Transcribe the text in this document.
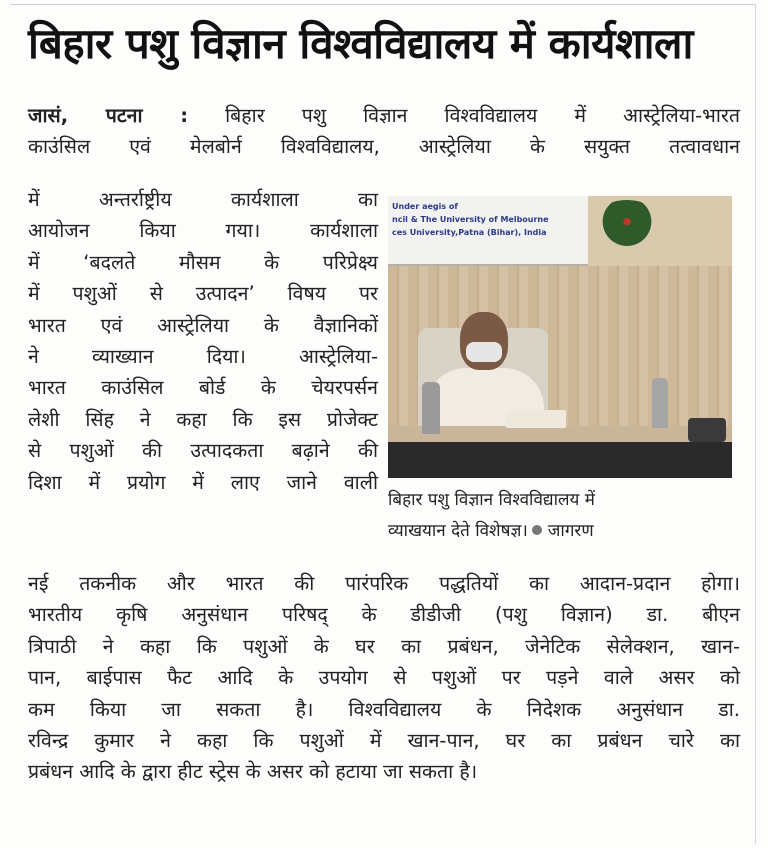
बिहार पशु विज्ञान विश्वविद्यालय में कार्यशाला
जासं, पटना : बिहार पशु विज्ञान विश्वविद्यालय में आस्ट्रेलिया-भारत
काउंसिल एवं मेलबोर्न विश्वविद्यालय, आस्ट्रेलिया के सयुक्त तत्वावधान
में अन्तर्राष्ट्रीय कार्यशाला का
आयोजन किया गया। कार्यशाला
में ‘बदलते मौसम के परिप्रेक्ष्य
में पशुओं से उत्पादन’ विषय पर
भारत एवं आस्ट्रेलिया के वैज्ञानिकों
ने व्याख्यान दिया। आस्ट्रेलिया-
भारत काउंसिल बोर्ड के चेयरपर्सन
लेशी सिंह ने कहा कि इस प्रोजेक्ट
से पशुओं की उत्पादकता बढ़ाने की
दिशा में प्रयोग में लाए जाने वाली
Under aegis of
ncil & The University of Melbourne
ces University,Patna (Bihar), India
बिहार पशु विज्ञान विश्वविद्यालय में
व्याखयान देते विशेषज्ञ। जागरण
नई तकनीक और भारत की पारंपरिक पद्धतियों का आदान-प्रदान होगा।
भारतीय कृषि अनुसंधान परिषद् के डीडीजी (पशु विज्ञान) डा. बीएन
त्रिपाठी ने कहा कि पशुओं के घर का प्रबंधन, जेनेटिक सेलेक्शन, खान-
पान, बाईपास फैट आदि के उपयोग से पशुओं पर पड़ने वाले असर को
कम किया जा सकता है। विश्वविद्यालय के निदेशक अनुसंधान डा.
रविन्द्र कुमार ने कहा कि पशुओं में खान-पान, घर का प्रबंधन चारे का
प्रबंधन आदि के द्वारा हीट स्ट्रेस के असर को हटाया जा सकता है।
